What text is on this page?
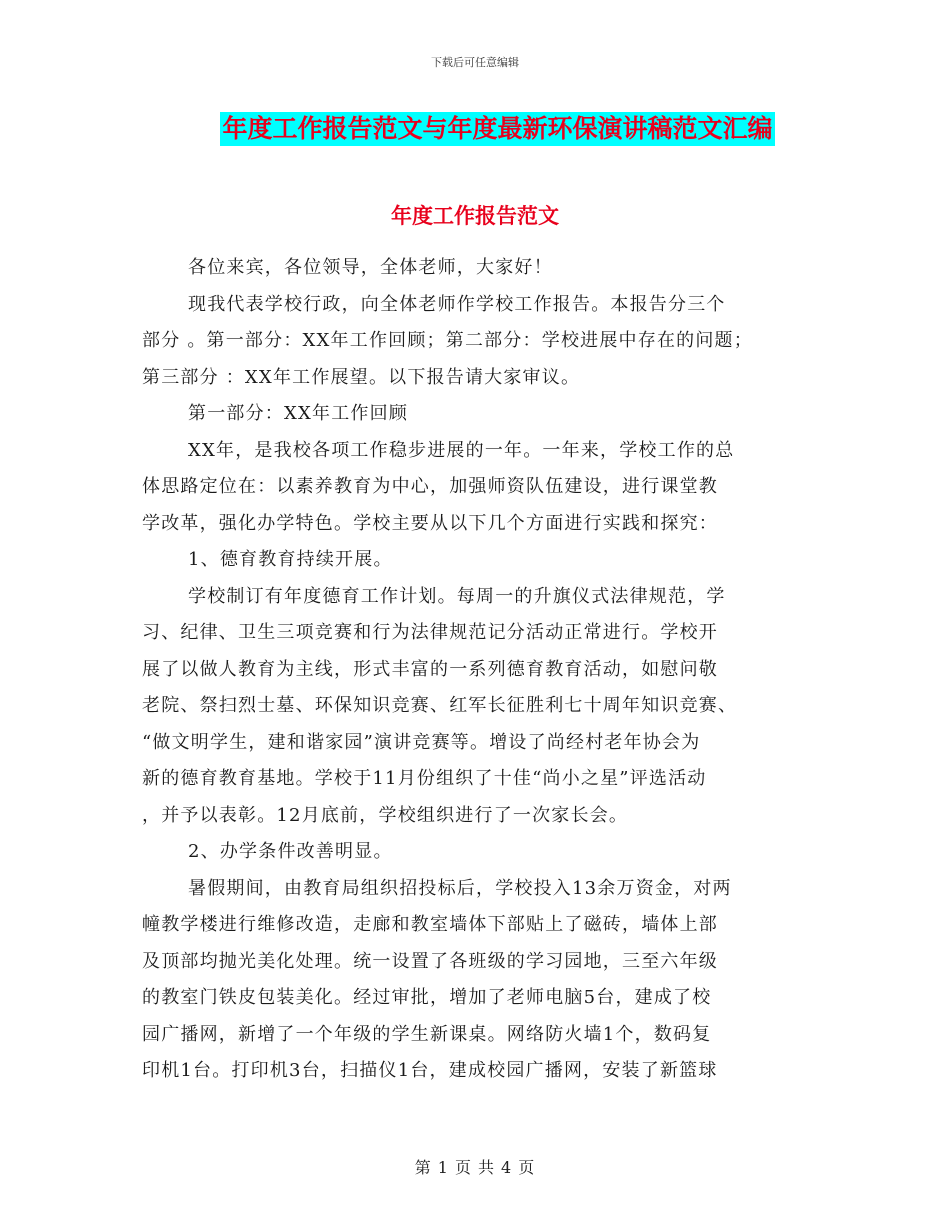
下载后可任意编辑
年度工作报告范文与年度最新环保演讲稿范文汇编
年度工作报告范文
各位来宾，各位领导，全体老师，大家好！
现我代表学校行政，向全体老师作学校工作报告。本报告分三个
部分 。第一部分：XX年工作回顾；第二部分：学校进展中存在的问题；
第三部分 ：XX年工作展望。以下报告请大家审议。
第一部分：XX年工作回顾
XX年，是我校各项工作稳步进展的一年。一年来，学校工作的总
体思路定位在：以素养教育为中心，加强师资队伍建设，进行课堂教
学改革，强化办学特色。学校主要从以下几个方面进行实践和探究：
1、德育教育持续开展。
学校制订有年度德育工作计划。每周一的升旗仪式法律规范，学
习、纪律、卫生三项竞赛和行为法律规范记分活动正常进行。学校开
展了以做人教育为主线，形式丰富的一系列德育教育活动，如慰问敬
老院、祭扫烈士墓、环保知识竞赛、红军长征胜利七十周年知识竞赛、
“做文明学生，建和谐家园”演讲竞赛等。增设了尚经村老年协会为
新的德育教育基地。学校于11月份组织了十佳“尚小之星”评选活动
，并予以表彰。12月底前，学校组织进行了一次家长会。
2、办学条件改善明显。
暑假期间，由教育局组织招投标后，学校投入13余万资金，对两
幢教学楼进行维修改造，走廊和教室墙体下部贴上了磁砖，墙体上部
及顶部均抛光美化处理。统一设置了各班级的学习园地，三至六年级
的教室门铁皮包装美化。经过审批，增加了老师电脑5台，建成了校
园广播网，新增了一个年级的学生新课桌。网络防火墙1个，数码复
印机1台。打印机3台，扫描仪1台，建成校园广播网，安装了新篮球
第 1 页 共 4 页
